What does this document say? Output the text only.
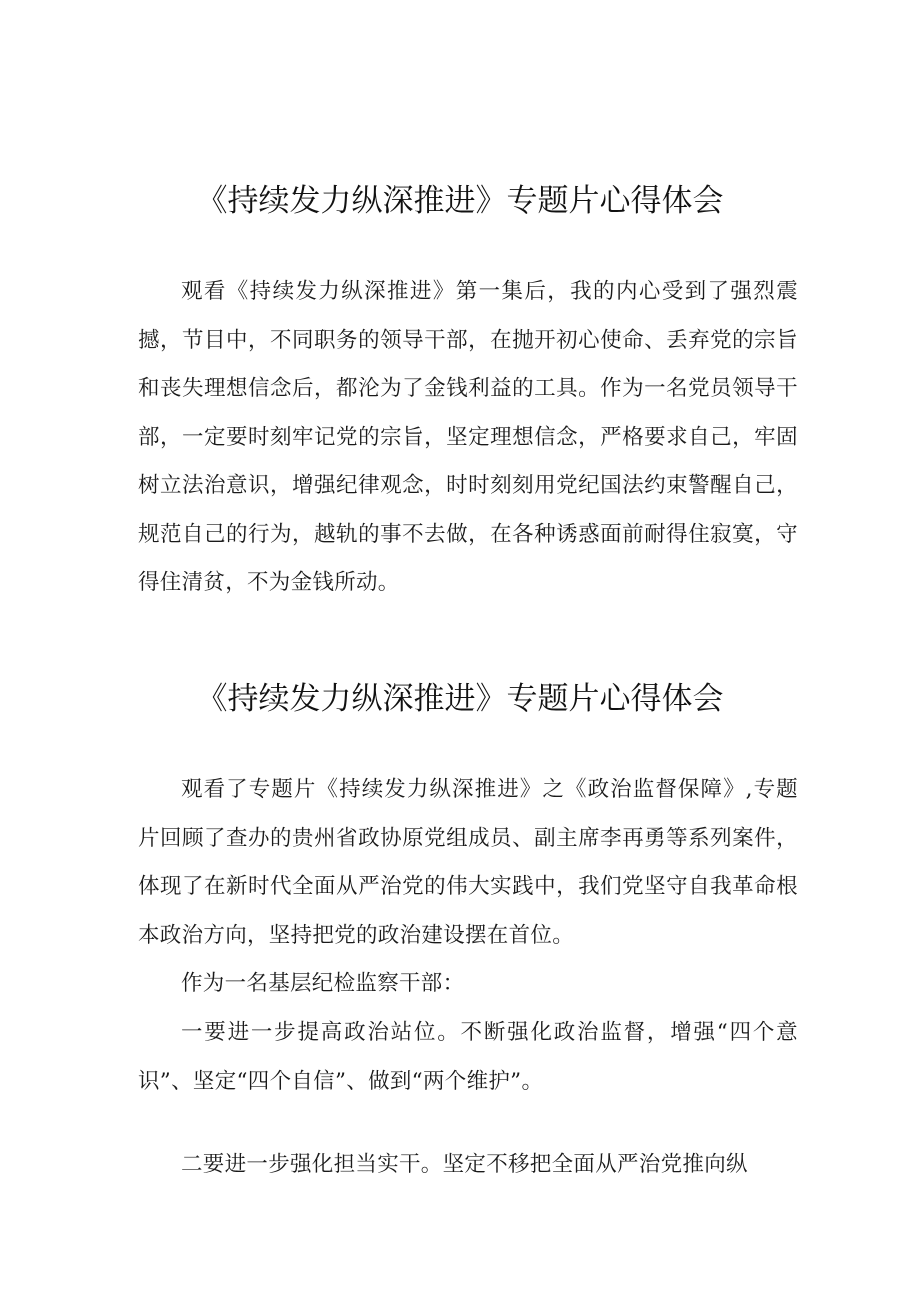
《持续发力纵深推进》专题片心得体会

观看《持续发力纵深推进》第一集后，我的内心受到了强烈震撼，节目中，不同职务的领导干部，在抛开初心使命、丢弃党的宗旨和丧失理想信念后，都沦为了金钱利益的工具。作为一名党员领导干部，一定要时刻牢记党的宗旨，坚定理想信念，严格要求自己，牢固树立法治意识，增强纪律观念，时时刻刻用党纪国法约束警醒自己，规范自己的行为，越轨的事不去做，在各种诱惑面前耐得住寂寞，守得住清贫，不为金钱所动。

《持续发力纵深推进》专题片心得体会

观看了专题片《持续发力纵深推进》之《政治监督保障》,专题片回顾了查办的贵州省政协原党组成员、副主席李再勇等系列案件，体现了在新时代全面从严治党的伟大实践中，我们党坚守自我革命根本政治方向，坚持把党的政治建设摆在首位。

作为一名基层纪检监察干部：

一要进一步提高政治站位。不断强化政治监督，增强“四个意识”、坚定“四个自信”、做到“两个维护”。

二要进一步强化担当实干。坚定不移把全面从严治党推向纵
